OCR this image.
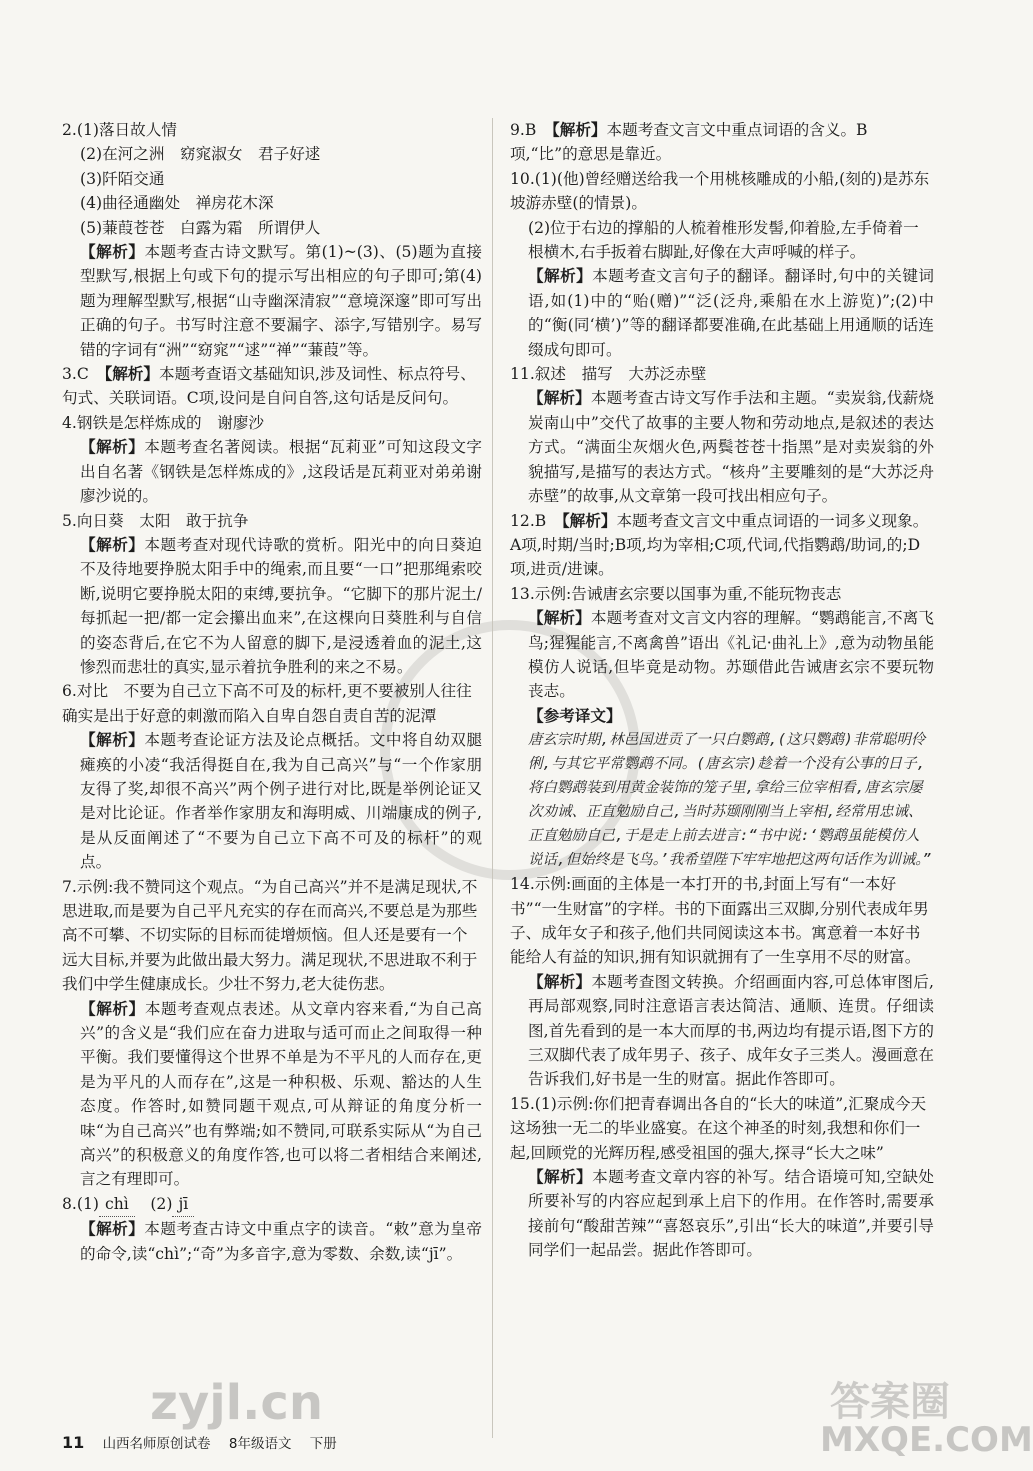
2.(1)落日故人情
(2)在河之洲　窈窕淑女　君子好逑
(3)阡陌交通
(4)曲径通幽处　禅房花木深
(5)蒹葭苍苍　白露为霜　所谓伊人
【解析】本题考查古诗文默写。第(1)~(3)、(5)题为直接型默写,根据上句或下句的提示写出相应的句子即可;第(4)题为理解型默写,根据“山寺幽深清寂”“意境深邃”即可写出正确的句子。书写时注意不要漏字、添字,写错别字。易写错的字词有“洲”“窈窕”“逑”“禅”“蒹葭”等。
3.C　 【解析】本题考查语文基础知识,涉及词性、标点符号、句式、关联词语。C项,设问是自问自答,这句话是反问句。
4.钢铁是怎样炼成的　谢廖沙
【解析】本题考查名著阅读。根据“瓦莉亚”可知这段文字出自名著《钢铁是怎样炼成的》,这段话是瓦莉亚对弟弟谢廖沙说的。
5.向日葵　太阳　敢于抗争
【解析】本题考查对现代诗歌的赏析。阳光中的向日葵迫不及待地要挣脱太阳手中的绳索,而且要“一口”把那绳索咬断,说明它要挣脱太阳的束缚,要抗争。“它脚下的那片泥土/每抓起一把/都一定会攥出血来”,在这棵向日葵胜利与自信的姿态背后,在它不为人留意的脚下,是浸透着血的泥土,这惨烈而悲壮的真实,显示着抗争胜利的来之不易。
6.对比　不要为自己立下高不可及的标杆,更不要被别人往往确实是出于好意的刺激而陷入自卑自怨自责自苦的泥潭
【解析】本题考查论证方法及论点概括。文中将自幼双腿瘫痪的小凌“我活得挺自在,我为自己高兴”与“一个作家朋友得了奖,却很不高兴”两个例子进行对比,既是举例论证又是对比论证。作者举作家朋友和海明威、川端康成的例子,是从反面阐述了“不要为自己立下高不可及的标杆”的观点。
7.示例:我不赞同这个观点。“为自己高兴”并不是满足现状,不思进取,而是要为自己平凡充实的存在而高兴,不要总是为那些高不可攀、不切实际的目标而徒增烦恼。但人还是要有一个远大目标,并要为此做出最大努力。满足现状,不思进取不利于我们中学生健康成长。少壮不努力,老大徒伤悲。
【解析】本题考查观点表述。从文章内容来看,“为自己高兴”的含义是“我们应在奋力进取与适可而止之间取得一种平衡。我们要懂得这个世界不单是为不平凡的人而存在,更是为平凡的人而存在”,这是一种积极、乐观、豁达的人生态度。作答时,如赞同题干观点,可从辩证的角度分析一味“为自己高兴”也有弊端;如不赞同,可联系实际从“为自己高兴”的积极意义的角度作答,也可以将二者相结合来阐述,言之有理即可。
8.(1) chì　 (2) jī
【解析】本题考查古诗文中重点字的读音。“敕”意为皇帝的命令,读“chì”;“奇”为多音字,意为零数、余数,读“jī”。
9.B　 【解析】本题考查文言文中重点词语的含义。B项,“比”的意思是靠近。
10.(1)(他)曾经赠送给我一个用桃核雕成的小船,(刻的)是苏东坡游赤壁(的情景)。
(2)位于右边的撑船的人梳着椎形发髻,仰着脸,左手倚着一根横木,右手扳着右脚趾,好像在大声呼喊的样子。
【解析】本题考查文言句子的翻译。翻译时,句中的关键词语,如(1)中的“贻(赠)”“泛(泛舟,乘船在水上游览)”;(2)中的“衡(同‘横’)”等的翻译都要准确,在此基础上用通顺的话连缀成句即可。
11.叙述　描写　大苏泛赤壁
【解析】本题考查古诗文写作手法和主题。“卖炭翁,伐薪烧炭南山中”交代了故事的主要人物和劳动地点,是叙述的表达方式。“满面尘灰烟火色,两鬓苍苍十指黑”是对卖炭翁的外貌描写,是描写的表达方式。“核舟”主要雕刻的是“大苏泛舟赤壁”的故事,从文章第一段可找出相应句子。
12.B　 【解析】本题考查文言文中重点词语的一词多义现象。A项,时期/当时;B项,均为宰相;C项,代词,代指鹦鹉/助词,的;D项,进贡/进谏。
13.示例:告诫唐玄宗要以国事为重,不能玩物丧志
【解析】本题考查对文言文内容的理解。“鹦鹉能言,不离飞鸟;猩猩能言,不离禽兽”语出《礼记·曲礼上》,意为动物虽能模仿人说话,但毕竟是动物。苏颋借此告诫唐玄宗不要玩物丧志。
【参考译文】
唐玄宗时期,林邑国进贡了一只白鹦鹉,(这只鹦鹉)非常聪明伶俐,与其它平常鹦鹉不同。(唐玄宗)趁着一个没有公事的日子,将白鹦鹉装到用黄金装饰的笼子里,拿给三位宰相看,唐玄宗屡次劝诫、正直勉励自己,当时苏颋刚刚当上宰相,经常用忠诫、正直勉励自己,于是走上前去进言:“书中说:‘鹦鹉虽能模仿人说话,但始终是飞鸟。’我希望陛下牢牢地把这两句话作为训诫。”
14.示例:画面的主体是一本打开的书,封面上写有“一本好书”“一生财富”的字样。书的下面露出三双脚,分别代表成年男子、成年女子和孩子,他们共同阅读这本书。寓意着一本好书能给人有益的知识,拥有知识就拥有了一生享用不尽的财富。
【解析】本题考查图文转换。介绍画面内容,可总体审图后,再局部观察,同时注意语言表达简洁、通顺、连贯。仔细读图,首先看到的是一本大而厚的书,两边均有提示语,图下方的三双脚代表了成年男子、孩子、成年女子三类人。漫画意在告诉我们,好书是一生的财富。据此作答即可。
15.(1)示例:你们把青春调出各自的“长大的味道”,汇聚成今天这场独一无二的毕业盛宴。在这个神圣的时刻,我想和你们一起,回顾党的光辉历程,感受祖国的强大,探寻“长大之味”
【解析】本题考查文章内容的补写。结合语境可知,空缺处所要补写的内容应起到承上启下的作用。在作答时,需要承接前句“酸甜苦辣”“喜怒哀乐”,引出“长大的味道”,并要引导同学们一起品尝。据此作答即可。
11 山西名师原创试卷 8年级语文 下册
zyjl.cn	答案圈
MXQE.COM
